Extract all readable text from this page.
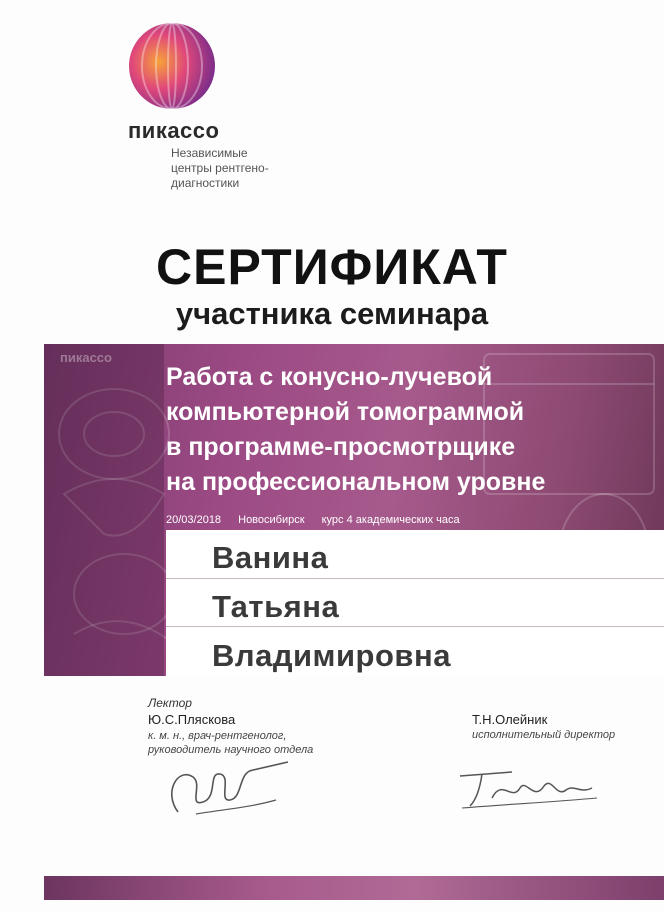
пикассо
Независимые
центры рентгено-
диагностики
СЕРТИФИКАТ
участника семинара
пикассо
Работа с конусно-лучевой
компьютерной томограммой
в программе-просмотрщике
на профессиональном уровне
20/03/2018 Новосибирск курс 4 академических часа
Ванина
Татьяна
Владимировна
Лектор
Ю.С.Пляскова
к. м. н., врач-рентгенолог,
руководитель научного отдела
Т.Н.Олейник
исполнительный директор
